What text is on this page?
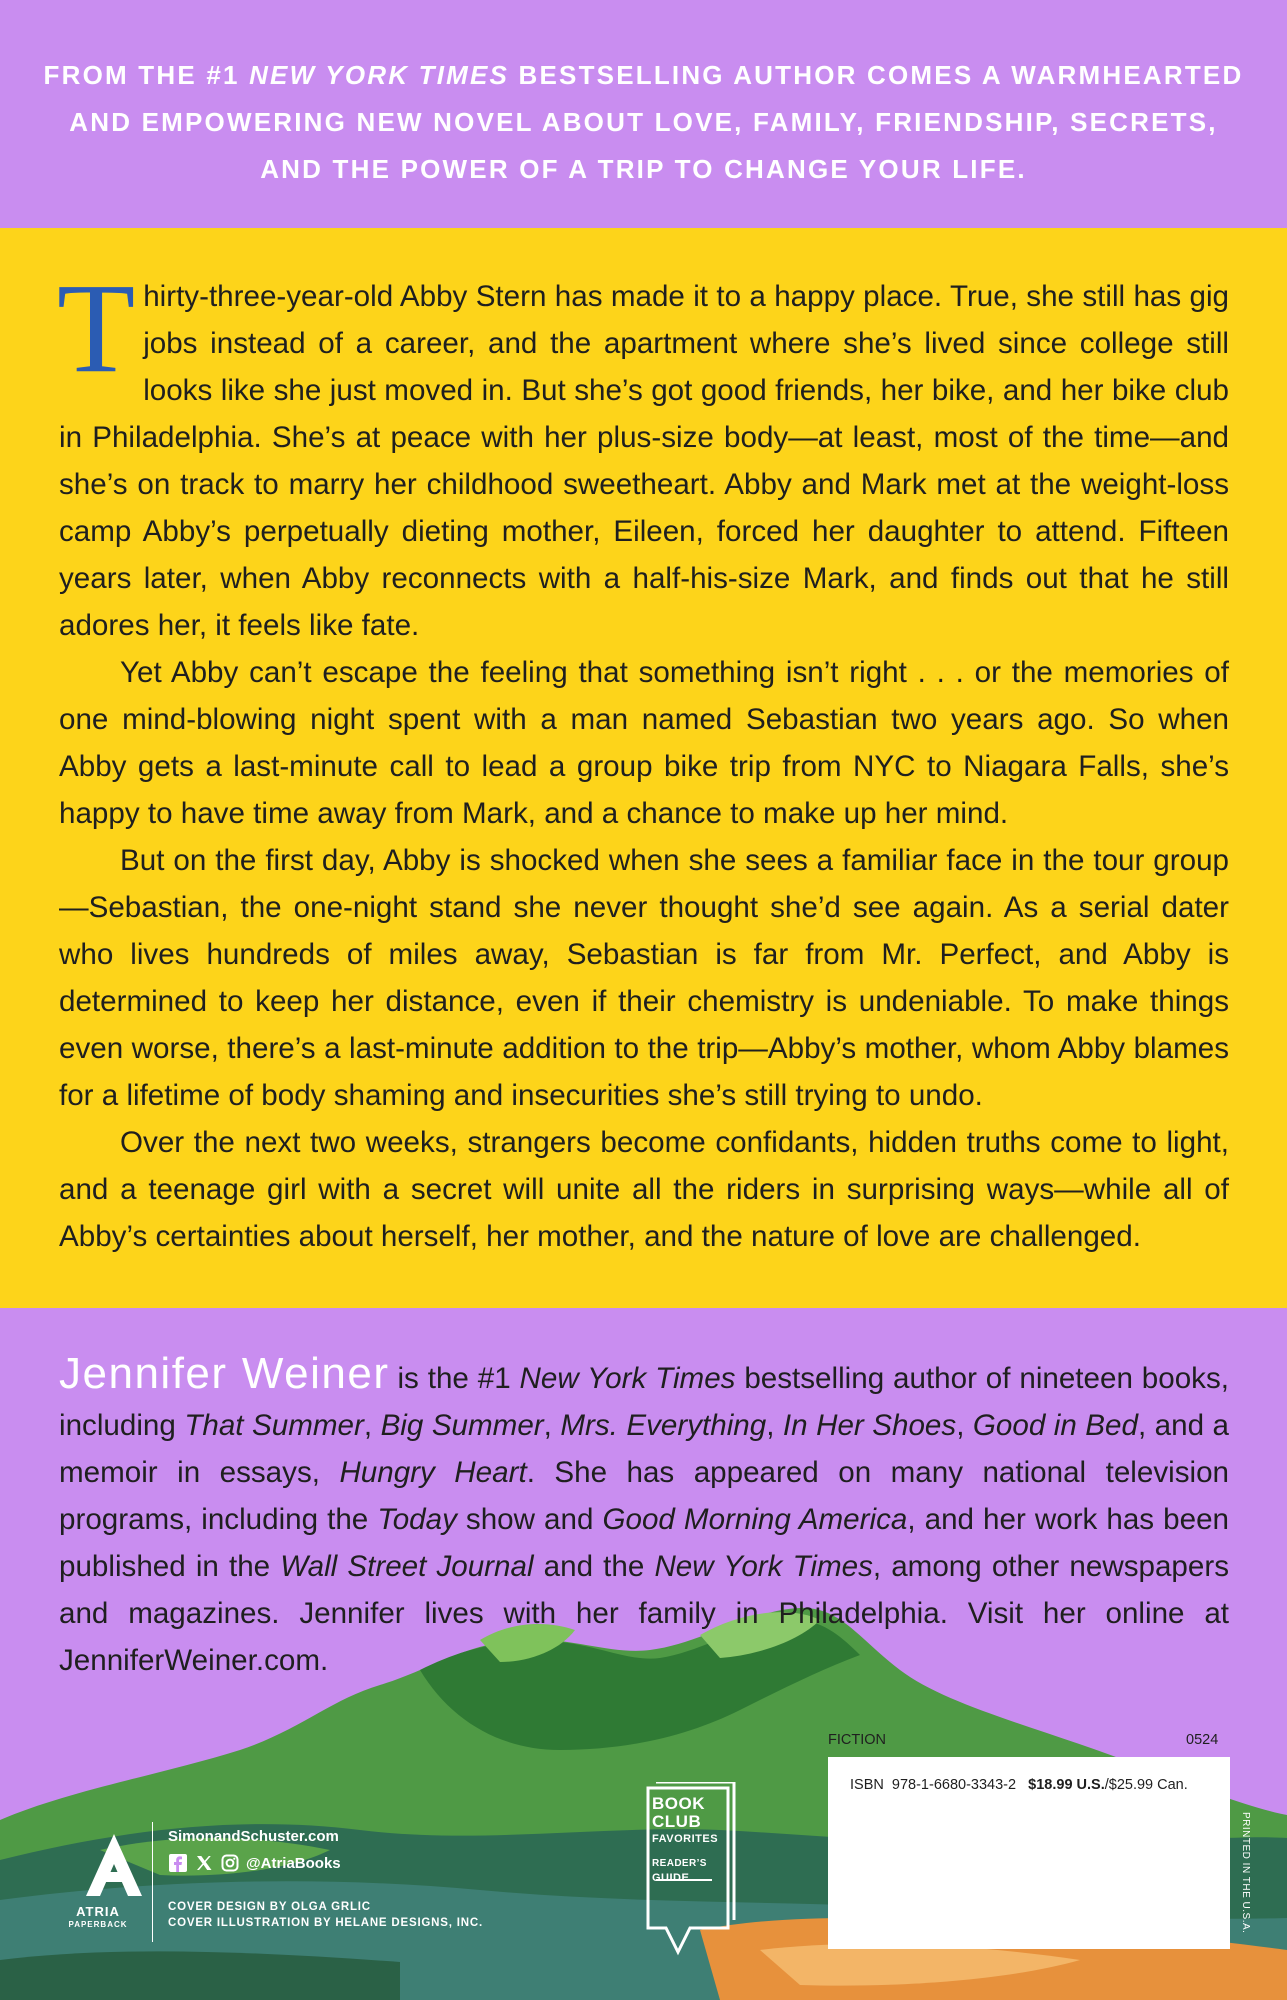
FROM THE #1 NEW YORK TIMES BESTSELLING AUTHOR COMES A WARMHEARTED AND EMPOWERING NEW NOVEL ABOUT LOVE, FAMILY, FRIENDSHIP, SECRETS, AND THE POWER OF A TRIP TO CHANGE YOUR LIFE.

Thirty-three-year-old Abby Stern has made it to a happy place. True, she still has gig jobs instead of a career, and the apartment where she’s lived since college still looks like she just moved in. But she’s got good friends, her bike, and her bike club in Philadelphia. She’s at peace with her plus-size body—at least, most of the time—and she’s on track to marry her childhood sweetheart. Abby and Mark met at the weight-loss camp Abby’s perpetually dieting mother, Eileen, forced her daughter to attend. Fifteen years later, when Abby reconnects with a half-his-size Mark, and finds out that he still adores her, it feels like fate.

Yet Abby can’t escape the feeling that something isn’t right . . . or the memories of one mind-blowing night spent with a man named Sebastian two years ago. So when Abby gets a last-minute call to lead a group bike trip from NYC to Niagara Falls, she’s happy to have time away from Mark, and a chance to make up her mind.

But on the first day, Abby is shocked when she sees a familiar face in the tour group—Sebastian, the one-night stand she never thought she’d see again. As a serial dater who lives hundreds of miles away, Sebastian is far from Mr. Perfect, and Abby is determined to keep her distance, even if their chemistry is undeniable. To make things even worse, there’s a last-minute addition to the trip—Abby’s mother, whom Abby blames for a lifetime of body shaming and insecurities she’s still trying to undo.

Over the next two weeks, strangers become confidants, hidden truths come to light, and a teenage girl with a secret will unite all the riders in surprising ways—while all of Abby’s certainties about herself, her mother, and the nature of love are challenged.

Jennifer Weiner is the #1 New York Times bestselling author of nineteen books, including That Summer, Big Summer, Mrs. Everything, In Her Shoes, Good in Bed, and a memoir in essays, Hungry Heart. She has appeared on many national television programs, including the Today show and Good Morning America, and her work has been published in the Wall Street Journal and the New York Times, among other newspapers and magazines. Jennifer lives with her family in Philadelphia. Visit her online at JenniferWeiner.com.

ATRIA
PAPERBACK
SimonandSchuster.com
@AtriaBooks
COVER DESIGN BY OLGA GRLIC
COVER ILLUSTRATION BY HELANE DESIGNS, INC.
BOOK
CLUB
FAVORITES
READER’S
GUIDE
FICTION	0524
ISBN 978-1-6680-3343-2 $18.99 U.S./$25.99 Can.
PRINTED IN THE U.S.A.
